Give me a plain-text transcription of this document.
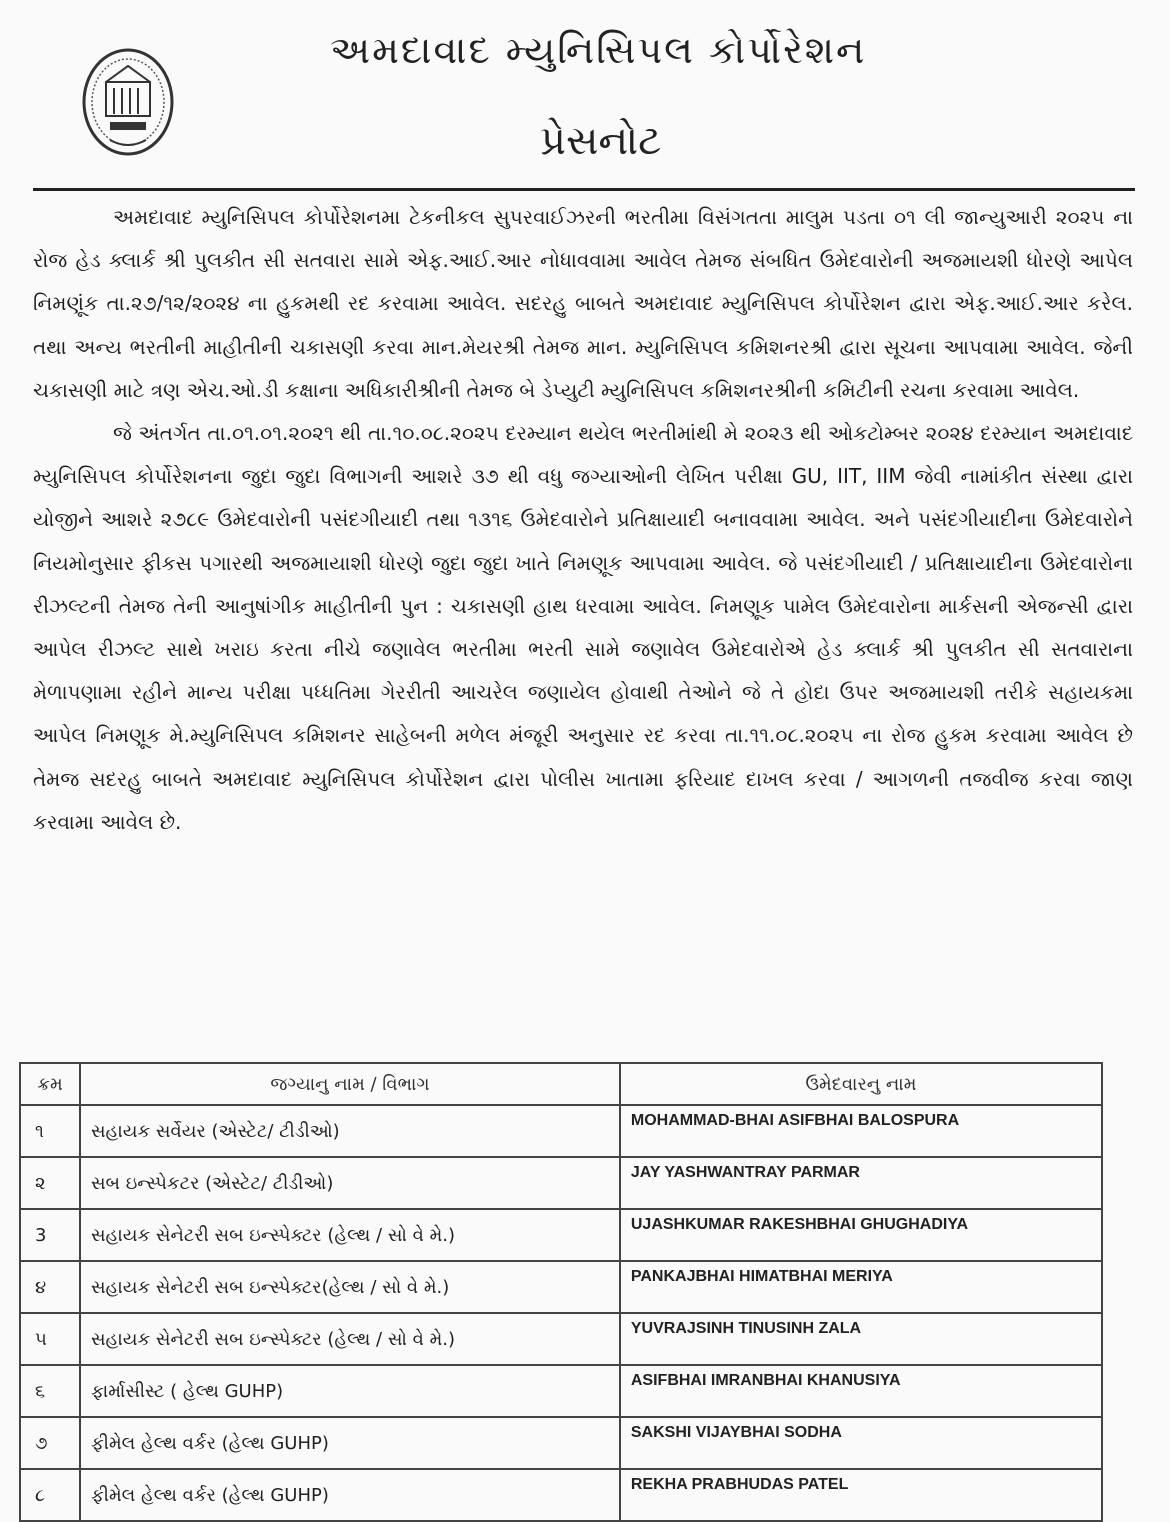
અમદાવાદ મ્યુનિસિપલ કોર્પોરેશન
પ્રેસનોટ

અમદાવાદ મ્યુનિસિપલ કોર્પોરેશનમા ટેકનીકલ સુપરવાઈઝરની ભરતીમા વિસંગતતા માલુમ પડતા ૦૧ લી જાન્યુઆરી ૨૦૨૫ ના રોજ હેડ ક્લાર્ક શ્રી પુલકીત સી સતવારા સામે એફ.આઈ.આર નોધાવવામા આવેલ તેમજ સંબધિત ઉમેદવારોની અજમાયશી ધોરણે આપેલ નિમણૂંક તા.૨૭/૧૨/૨૦૨૪ ના હુકમથી રદ કરવામા આવેલ. સદરહુ બાબતે અમદાવાદ મ્યુનિસિપલ કોર્પોરેશન દ્વારા એફ.આઈ.આર કરેલ. તથા અન્ય ભરતીની માહીતીની ચકાસણી કરવા માન.મેયરશ્રી તેમજ માન. મ્યુનિસિપલ કમિશનરશ્રી દ્વારા સૂચના આપવામા આવેલ. જેની ચકાસણી માટે ત્રણ એચ.ઓ.ડી કક્ષાના અધિકારીશ્રીની તેમજ બે ડેપ્યુટી મ્યુનિસિપલ કમિશનરશ્રીની કમિટીની રચના કરવામા આવેલ.

જે અંતર્ગત તા.૦૧.૦૧.૨૦૨૧ થી તા.૧૦.૦૮.૨૦૨૫ દરમ્યાન થયેલ ભરતીમાંથી મે ૨૦૨૩ થી ઓકટોમ્બર ૨૦૨૪ દરમ્યાન અમદાવાદ મ્યુનિસિપલ કોર્પોરેશનના જુદા જુદા વિભાગની આશરે ૩૭ થી વધુ જગ્યાઓની લેખિત પરીક્ષા GU, IIT, IIM જેવી નામાંકીત સંસ્થા દ્વારા યોજીને આશરે ૨૭૮૯ ઉમેદવારોની પસંદગીયાદી તથા ૧૩૧૬ ઉમેદવારોને પ્રતિક્ષાયાદી બનાવવામા આવેલ. અને પસંદગીયાદીના ઉમેદવારોને નિયમોનુસાર ફીકસ પગારથી અજમાયાશી ધોરણે જુદા જુદા ખાતે નિમણૂક આપવામા આવેલ. જે પસંદગીયાદી / પ્રતિક્ષાયાદીના ઉમેદવારોના રીઝલ્ટની તેમજ તેની આનુષાંગીક માહીતીની પુન : ચકાસણી હાથ ધરવામા આવેલ. નિમણૂક પામેલ ઉમેદવારોના માર્કસની એજન્સી દ્વારા આપેલ રીઝલ્ટ સાથે ખરાઇ કરતા નીચે જણાવેલ ભરતીમા ભરતી સામે જણાવેલ ઉમેદવારોએ હેડ ક્લાર્ક શ્રી પુલકીત સી સતવારાના મેળાપણામા રહીને માન્ય પરીક્ષા પધ્ધતિમા ગેરરીતી આચરેલ જણાયેલ હોવાથી તેઓને જે તે હોદા ઉપર અજમાયશી તરીકે સહાયકમા આપેલ નિમણૂક મે.મ્યુનિસિપલ કમિશનર સાહેબની મળેલ મંજૂરી અનુસાર રદ કરવા તા.૧૧.૦૮.૨૦૨૫ ના રોજ હુકમ કરવામા આવેલ છે તેમજ સદરહુ બાબતે અમદાવાદ મ્યુનિસિપલ કોર્પોરેશન દ્વારા પોલીસ ખાતામા ફરિયાદ દાખલ કરવા / આગળની તજવીજ કરવા જાણ કરવામા આવેલ છે.

ક્રમ	જગ્યાનુ નામ / વિભાગ	ઉમેદવારનુ નામ
૧	સહાયક સર્વેયર (એસ્ટેટ/ ટીડીઓ)	MOHAMMAD-BHAI ASIFBHAI BALOSPURA
૨	સબ ઇન્સ્પેકટર (એસ્ટેટ/ ટીડીઓ)	JAY YASHWANTRAY PARMAR
3	સહાયક સેનેટરી સબ ઇન્સ્પેક્ટર (હેલ્થ / સો વે મે.)	UJASHKUMAR RAKESHBHAI GHUGHADIYA
૪	સહાયક સેનેટરી સબ ઇન્સ્પેક્ટર(હેલ્થ / સો વે મે.)	PANKAJBHAI HIMATBHAI MERIYA
૫	સહાયક સેનેટરી સબ ઇન્સ્પેક્ટર (હેલ્થ / સો વે મે.)	YUVRAJSINH TINUSINH ZALA
૬	ફાર્માસીસ્ટ ( હેલ્થ GUHP)	ASIFBHAI IMRANBHAI KHANUSIYA
૭	ફીમેલ હેલ્થ વર્કર (હેલ્થ GUHP)	SAKSHI VIJAYBHAI SODHA
૮	ફીમેલ હેલ્થ વર્કર (હેલ્થ GUHP)	REKHA PRABHUDAS PATEL
